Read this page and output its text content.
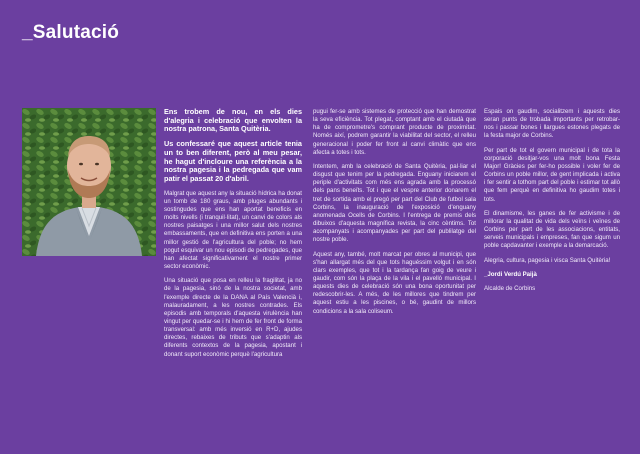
_Salutació

Ens trobem de nou, en els dies d'alegria i celebració que envolten la nostra patrona, Santa Quitèria.

Us confessaré que aquest article tenia un to ben diferent, però al meu pesar, he hagut d'incloure una referència a la nostra pagesia i la pedregada que vam patir el passat 20 d'abril.

Malgrat que aquest any la situació hídrica ha donat un tomb de 180 graus, amb pluges abundants i sostingudes que ens han aportat beneficis en molts nivells (i tranquil·litat), un canvi de colors als nostres paisatges i una millor salut dels nostres embassaments, que en definitiva ens porten a una millor gestió de l'agricultura del poble; no hem pogut esquivar un nou episodi de pedregades, que han afectat significativament el nostre primer sector econòmic.

Una situació que posa en relleu la fragilitat, ja no de la pagesia, sinó de la nostra societat, amb l'exemple directe de la DANA al País Valencià i, malauradament, a les nostres contrades. Els episodis amb temporals d'aquesta virulència han vingut per quedar-se i hi hem de fer front de forma transversal: amb més inversió en R+D, ajudes directes, rebaixes de tributs que s'adaptin als diferents contextos de la pagesia, apostant i donant suport econòmic perquè l'agricultura

pugui fer-se amb sistemes de protecció que han demostrat la seva eficiència. Tot plegat, comptant amb el ciutadà que ha de comprometre's comprant producte de proximitat. Només així, podrem garantir la viabilitat del sector, el relleu generacional i poder fer front al canvi climàtic que ens afecta a totes i tots.

Intentem, amb la celebració de Santa Quitèria, pal·liar el disgust que tenim per la pedregada. Enguany iniciarem el periple d'activitats com més ens agrada amb la processó dels pans beneïts. Tot i que el vespre anterior donarem el tret de sortida amb el pregó per part del Club de futbol sala Corbins, la inauguració de l'exposició d'enguany anomenada Ocells de Corbins. I l'entrega de premis dels dibuixos d'aquesta magnífica revista, la cinc cèntims. Tot acompanyats i acompanyades per part del publilatge del nostre poble.

Aquest any, també, molt marcat per obres al municipi, que s'han allargat més del que tots haguéssim volgut i en són clars exemples, que tot i la tardança fan goig de veure i gaudir, com són la plaça de la vila i el pavelló municipal. I aquests dies de celebració són una bona oportunitat per redescobrir-les. A més, de les millores que tindrem per aquest estiu a les piscines, o bé, gaudint de millors condicions a la sala coliseum.

Espais on gaudim, socialitzem i aquests dies seran punts de trobada importants per retrobar-nos i passar bones i llargues estones plegats de la festa major de Corbins.

Per part de tot el govern municipal i de tota la corporació desitjar-vos una molt bona Festa Major! Gràcies per fer-ho possible i voler fer de Corbins un poble millor, de gent implicada i activa i fer sentir a tothom part del poble i estimar tot allò que fem perquè en definitiva ho gaudim totes i tots.

El dinamisme, les ganes de fer activisme i de millorar la qualitat de vida dels veïns i veïnes de Corbins per part de les associacions, entitats, serveis municipals i empreses, fan que sigum un poble capdavanter i exemple a la demarcació.

Alegria, cultura, pagesia i visca Santa Quitèria!

_Jordi Verdú Paijà

Alcalde de Corbins
